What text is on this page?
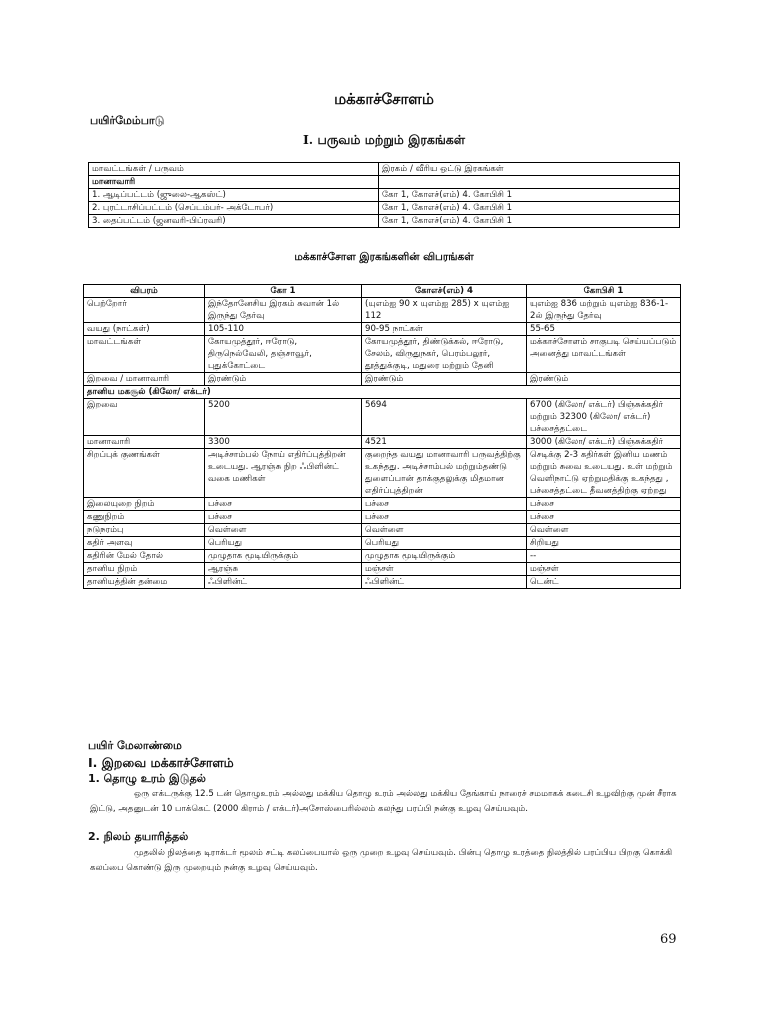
மக்காச்சோளம்
பயிர்மேம்பாடு
I. பருவம் மற்றும் இரகங்கள்
மாவட்டங்கள் / பருவம்	இரகம் / வீரிய ஒட்டு இரகங்கள்
மானாவாரி	
1. ஆடிப்பட்டம் (ஜுலை-ஆகஸ்ட்)	கோ 1, கோஎச்(எம்) 4. கோபிசி 1
2. புரட்டாசிப்பட்டம் (செப்டம்பர்- அக்டோபர்)	கோ 1, கோஎச்(எம்) 4. கோபிசி 1
3. தைப்பட்டம் (ஜனவரி-பிப்ரவரி)	கோ 1, கோஎச்(எம்) 4. கோபிசி 1
மக்காச்சோள இரகங்களின் விபரங்கள்
விபரம்	கோ 1	கோஎச்(எம்) 4	கோபிசி 1
பெற்றோர்	இந்தோனேசிய இரகம் சுவான் 1ல் இருந்து தேர்வு	(யுஎம்ஐ 90 x யுஎம்ஐ 285) x யுஎம்ஐ 112	யுஎம்ஐ 836 மற்றும் யுஎம்ஐ 836-1-2ல் இருந்து தேர்வு
வயது (நாட்கள்)	105-110	90-95 நாட்கள்	55-65
மாவட்டங்கள்	கோயமுத்தூர், ஈரோடு, திருநெல்வேலி, தஞ்சாவூர், புதுக்கோட்டை	கோயமுத்தூர், திண்டுக்கல், ஈரோடு, சேலம், விருதுநகர், பெரம்பலூர், தூத்துக்குடி, மதுரை மற்றும் தேனி	மக்காச்சோளம் சாகுபடி செய்யப்படும் அனைத்து மாவட்டங்கள்
இறவை / மானாவாரி	இரண்டும்	இரண்டும்	இரண்டும்
தானிய மகசூல் (கிலோ/ எக்டர்)			
இறவை	5200	5694	6700 (கிலோ/ எக்டர்) பிஞ்சுக்கதிர் மற்றும் 32300 (கிலோ/ எக்டர்) பச்சைத்தட்டை
மானாவாரி	3300	4521	3000 (கிலோ/ எக்டர்) பிஞ்சுக்கதிர்
சிறப்புக் குணங்கள்	அடிச்சாம்பல் நோய் எதிர்ப்புத்திறன் உடையது. ஆரஞ்சு நிற ஃபிளின்ட் வகை மணிகள்	குறைந்த வயது மானாவாரி பருவத்திற்கு உகந்தது. அடிச்சாம்பல் மற்றும்தண்டு துளைப்பான் தாக்குதலுக்கு மிதமான எதிர்ப்புத்திறன்	செடிக்கு 2-3 கதிர்கள் இனிய மணம் மற்றும் சுவை உடையது. உள் மற்றும் வெளிநாட்டு ஏற்றுமதிக்கு உகந்தது , பச்சைத்தட்டை தீவனத்திற்கு ஏற்றது
இலையுறை நிறம்	பச்சை	பச்சை	பச்சை
கணுநிறம்	பச்சை	பச்சை	பச்சை
நடுநரம்பு	வெள்ளை	வெள்ளை	வெள்ளை
கதிர் அளவு	பெரியது	பெரியது	சிறியது
கதிரின் மேல் தோல்	முழுதாக மூடியிருக்கும்	முழுதாக மூடியிருக்கும்	--
தானிய நிறம்	ஆரஞ்சு	மஞ்சள்	மஞ்சள்
தானியத்தின் தன்மை	ஃபிளின்ட்	ஃபிளின்ட்	டென்ட்
பயிர் மேலாண்மை
I. இறவை மக்காச்சோளம்
1. தொழு உரம் இடுதல்
ஒரு எக்டருக்கு 12.5 டன் தொழுஉரம் அல்லது மக்கிய தொழு உரம் அல்லது மக்கிய தேங்காய் நாரைச் சமமாகக் கடைசி உழவிற்கு முன் சீராக இட்டு, அதனுடன் 10 பாக்கெட் (2000 கிராம் / எக்டர்)அசோஸ்பைரில்லம் கலந்து பரப்பி நன்கு உழவு செய்யவும்.
2. நிலம் தயாரித்தல்
முதலில் நிலத்தை டிராக்டர் மூலம் சட்டி கலப்பையால் ஒரு முறை உழவு செய்யவும். பின்பு தொழு உரத்தை நிலத்தில் பரப்பிய பிறகு கொக்கி கலப்பை கொண்டு இரு முறையும் நன்கு உழவு செய்யவும்.
69
